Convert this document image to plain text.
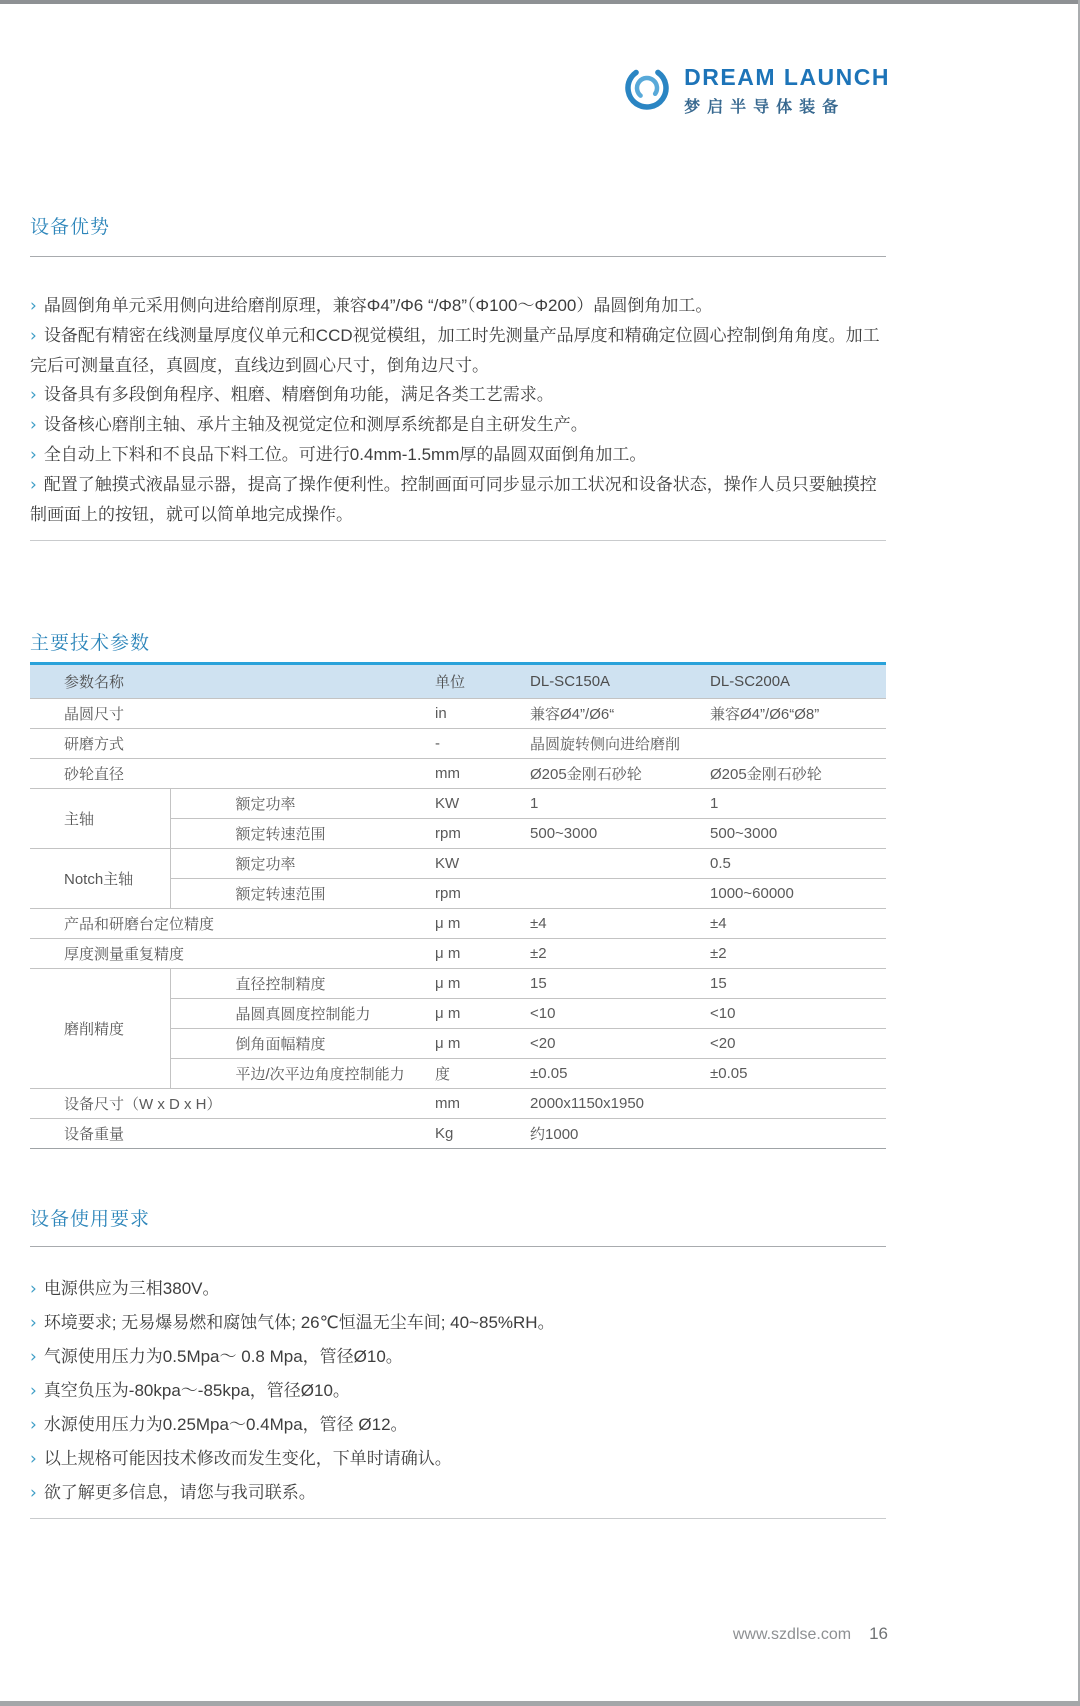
DREAM LAUNCH
梦启半导体装备
设备优势
› 晶圆倒角单元采用侧向进给磨削原理，兼容Φ4”/Φ6 “/Φ8”（Φ100～Φ200）晶圆倒角加工。
› 设备配有精密在线测量厚度仪单元和CCD视觉模组，加工时先测量产品厚度和精确定位圆心控制倒角角度。加工完后可测量直径，真圆度，直线边到圆心尺寸，倒角边尺寸。
› 设备具有多段倒角程序、粗磨、精磨倒角功能，满足各类工艺需求。
› 设备核心磨削主轴、承片主轴及视觉定位和测厚系统都是自主研发生产。
› 全自动上下料和不良品下料工位。可进行0.4mm-1.5mm厚的晶圆双面倒角加工。
› 配置了触摸式液晶显示器，提高了操作便利性。控制画面可同步显示加工状况和设备状态，操作人员只要触摸控制画面上的按钮，就可以简单地完成操作。
主要技术参数
参数名称		单位	DL-SC150A	DL-SC200A
晶圆尺寸		in	兼容Ø4”/Ø6“	兼容Ø4”/Ø6“Ø8”
研磨方式		-	晶圆旋转侧向进给磨削	
砂轮直径		mm	Ø205金刚石砂轮	Ø205金刚石砂轮
主轴	额定功率	KW	1	1
	额定转速范围	rpm	500~3000	500~3000
Notch主轴	额定功率	KW		0.5
	额定转速范围	rpm		1000~60000
产品和研磨台定位精度		μ m	±4	±4
厚度测量重复精度		μ m	±2	±2
磨削精度	直径控制精度	μ m	15	15
	晶圆真圆度控制能力	μ m	<10	<10
	倒角面幅精度	μ m	<20	<20
	平边/次平边角度控制能力	度	±0.05	±0.05
设备尺寸（W x D x H）		mm	2000x1150x1950	
设备重量		Kg	约1000	
设备使用要求
› 电源供应为三相380V。
› 环境要求; 无易爆易燃和腐蚀气体; 26℃恒温无尘车间; 40~85%RH。
› 气源使用压力为0.5Mpa～ 0.8 Mpa，管径Ø10。
› 真空负压为-80kpa～-85kpa，管径Ø10。
› 水源使用压力为0.25Mpa～0.4Mpa，管径 Ø12。
› 以上规格可能因技术修改而发生变化，下单时请确认。
› 欲了解更多信息，请您与我司联系。
www.szdlse.com 16
